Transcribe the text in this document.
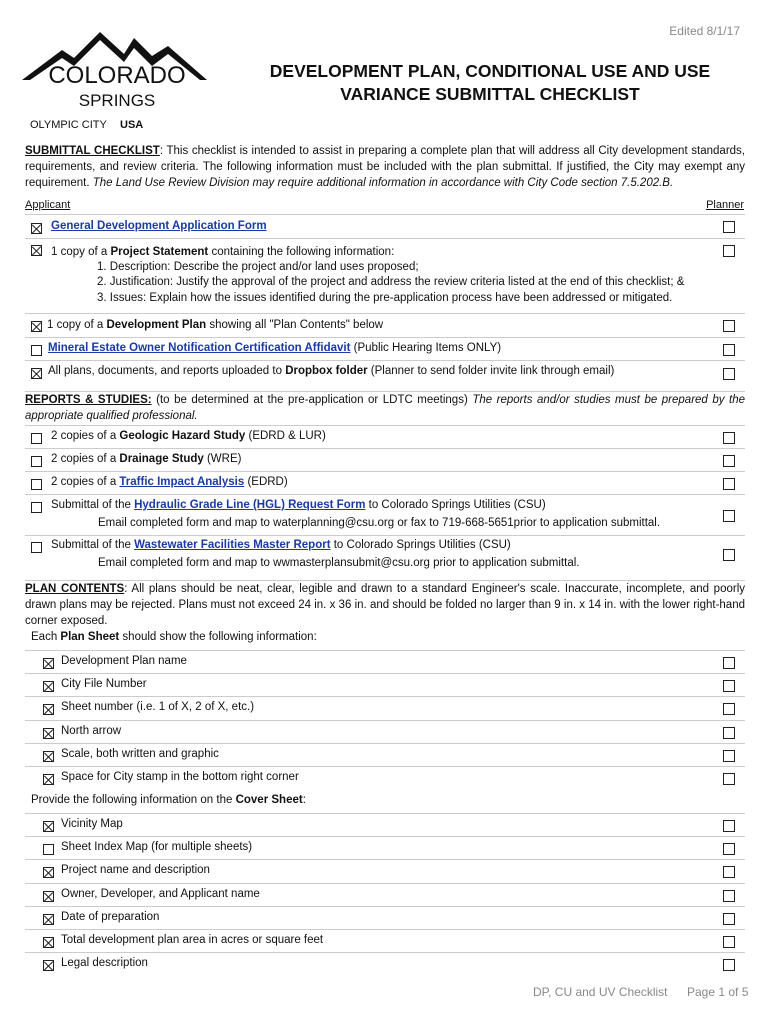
Edited 8/1/17
COLORADO
SPRINGS
OLYMPIC CITY USA
DEVELOPMENT PLAN, CONDITIONAL USE AND USE
VARIANCE SUBMITTAL CHECKLIST
SUBMITTAL CHECKLIST: This checklist is intended to assist in preparing a complete plan that will address all City development standards, requirements, and review criteria. The following information must be included with the plan submittal. If justified, the City may exempt any requirement. The Land Use Review Division may require additional information in accordance with City Code section 7.5.202.B.
Applicant	Planner
General Development Application Form
1 copy of a Project Statement containing the following information:
1. Description: Describe the project and/or land uses proposed;
2. Justification: Justify the approval of the project and address the review criteria listed at the end of this checklist; &
3. Issues: Explain how the issues identified during the pre-application process have been addressed or mitigated.
1 copy of a Development Plan showing all "Plan Contents" below
Mineral Estate Owner Notification Certification Affidavit (Public Hearing Items ONLY)
All plans, documents, and reports uploaded to Dropbox folder (Planner to send folder invite link through email)
REPORTS & STUDIES: (to be determined at the pre-application or LDTC meetings) The reports and/or studies must be prepared by the appropriate qualified professional.
2 copies of a Geologic Hazard Study (EDRD & LUR)
2 copies of a Drainage Study (WRE)
2 copies of a Traffic Impact Analysis (EDRD)
Submittal of the Hydraulic Grade Line (HGL) Request Form to Colorado Springs Utilities (CSU)
Email completed form and map to waterplanning@csu.org or fax to 719-668-5651prior to application submittal.
Submittal of the Wastewater Facilities Master Report to Colorado Springs Utilities (CSU)
Email completed form and map to wwmasterplansubmit@csu.org prior to application submittal.
PLAN CONTENTS: All plans should be neat, clear, legible and drawn to a standard Engineer's scale. Inaccurate, incomplete, and poorly drawn plans may be rejected. Plans must not exceed 24 in. x 36 in. and should be folded no larger than 9 in. x 14 in. with the lower right-hand corner exposed.
Each Plan Sheet should show the following information:
Development Plan name
City File Number
Sheet number (i.e. 1 of X, 2 of X, etc.)
North arrow
Scale, both written and graphic
Space for City stamp in the bottom right corner
Provide the following information on the Cover Sheet:
Vicinity Map
Sheet Index Map (for multiple sheets)
Project name and description
Owner, Developer, and Applicant name
Date of preparation
Total development plan area in acres or square feet
Legal description
DP, CU and UV Checklist Page 1 of 5
